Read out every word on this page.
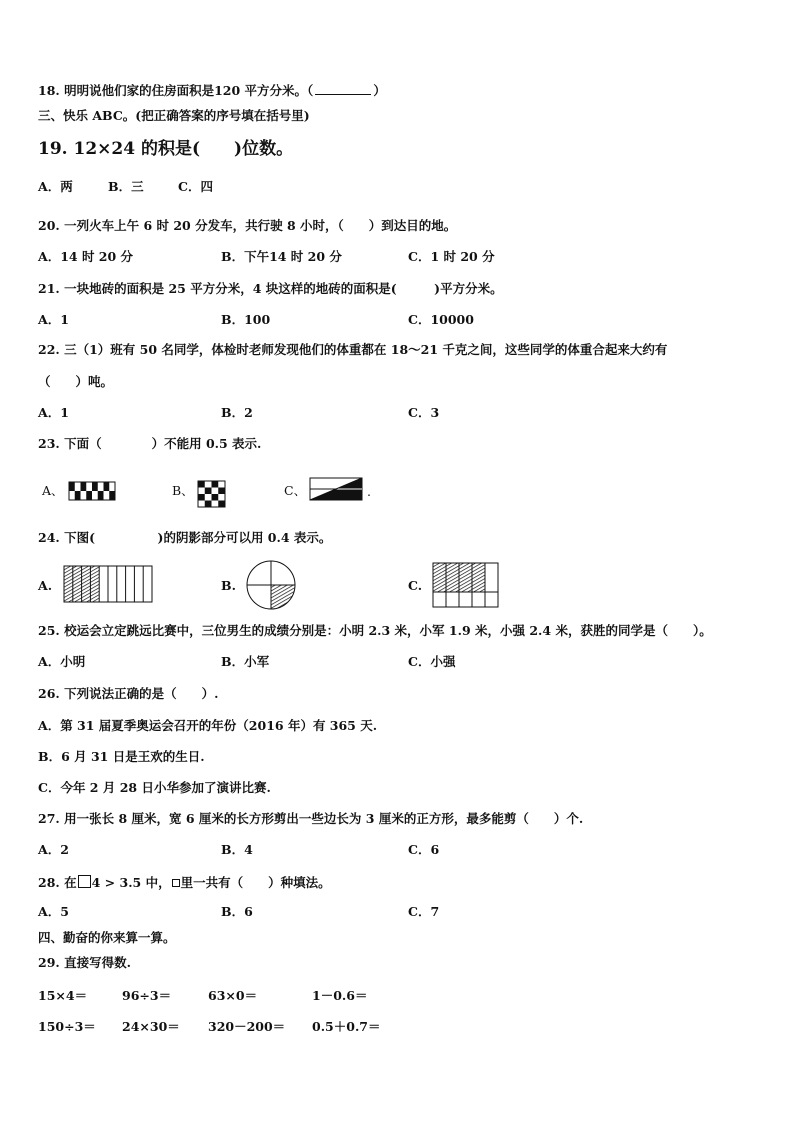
18. 明明说他们家的住房面积是120 平方分米。（	）
三、快乐 ABC。(把正确答案的序号填在括号里)
19. 12×24 的积是(　　)位数。
A．两	B．三	C．四
20. 一列火车上午 6 时 20 分发车，共行驶 8 小时，（　　）到达目的地。
A．14 时 20 分	B．下午14 时 20 分	C．1 时 20 分
21. 一块地砖的面积是 25 平方分米，4 块这样的地砖的面积是(　　　)平方分米。
A．1	B．100	C．10000
22. 三（1）班有 50 名同学，体检时老师发现他们的体重都在 18～21 千克之间，这些同学的体重合起来大约有
（　　）吨。
A．1	B．2	C．3
23. 下面（　　　　）不能用 0.5 表示.
A、	B、	C、	.
24. 下图(　　　　　)的阴影部分可以用 0.4 表示。
A.	B.	C.
25. 校运会立定跳远比赛中，三位男生的成绩分别是：小明 2.3 米，小军 1.9 米，小强 2.4 米，获胜的同学是（　　）。
A．小明	B．小军	C．小强
26. 下列说法正确的是（　　）.
A．第 31 届夏季奥运会召开的年份（2016 年）有 365 天.
B．6 月 31 日是王欢的生日.
C．今年 2 月 28 日小华参加了演讲比赛.
27. 用一张长 8 厘米，宽 6 厘米的长方形剪出一些边长为 3 厘米的正方形，最多能剪（　　）个.
A．2	B．4	C．6
28. 在 4 > 3.5 中， 里一共有（　　）种填法。
A．5	B．6	C．7
四、勤奋的你来算一算。
29. 直接写得数.
15×4＝	96÷3＝	63×0＝	1－0.6＝
150÷3＝ 24×30＝ 320－200＝ 0.5＋0.7＝
